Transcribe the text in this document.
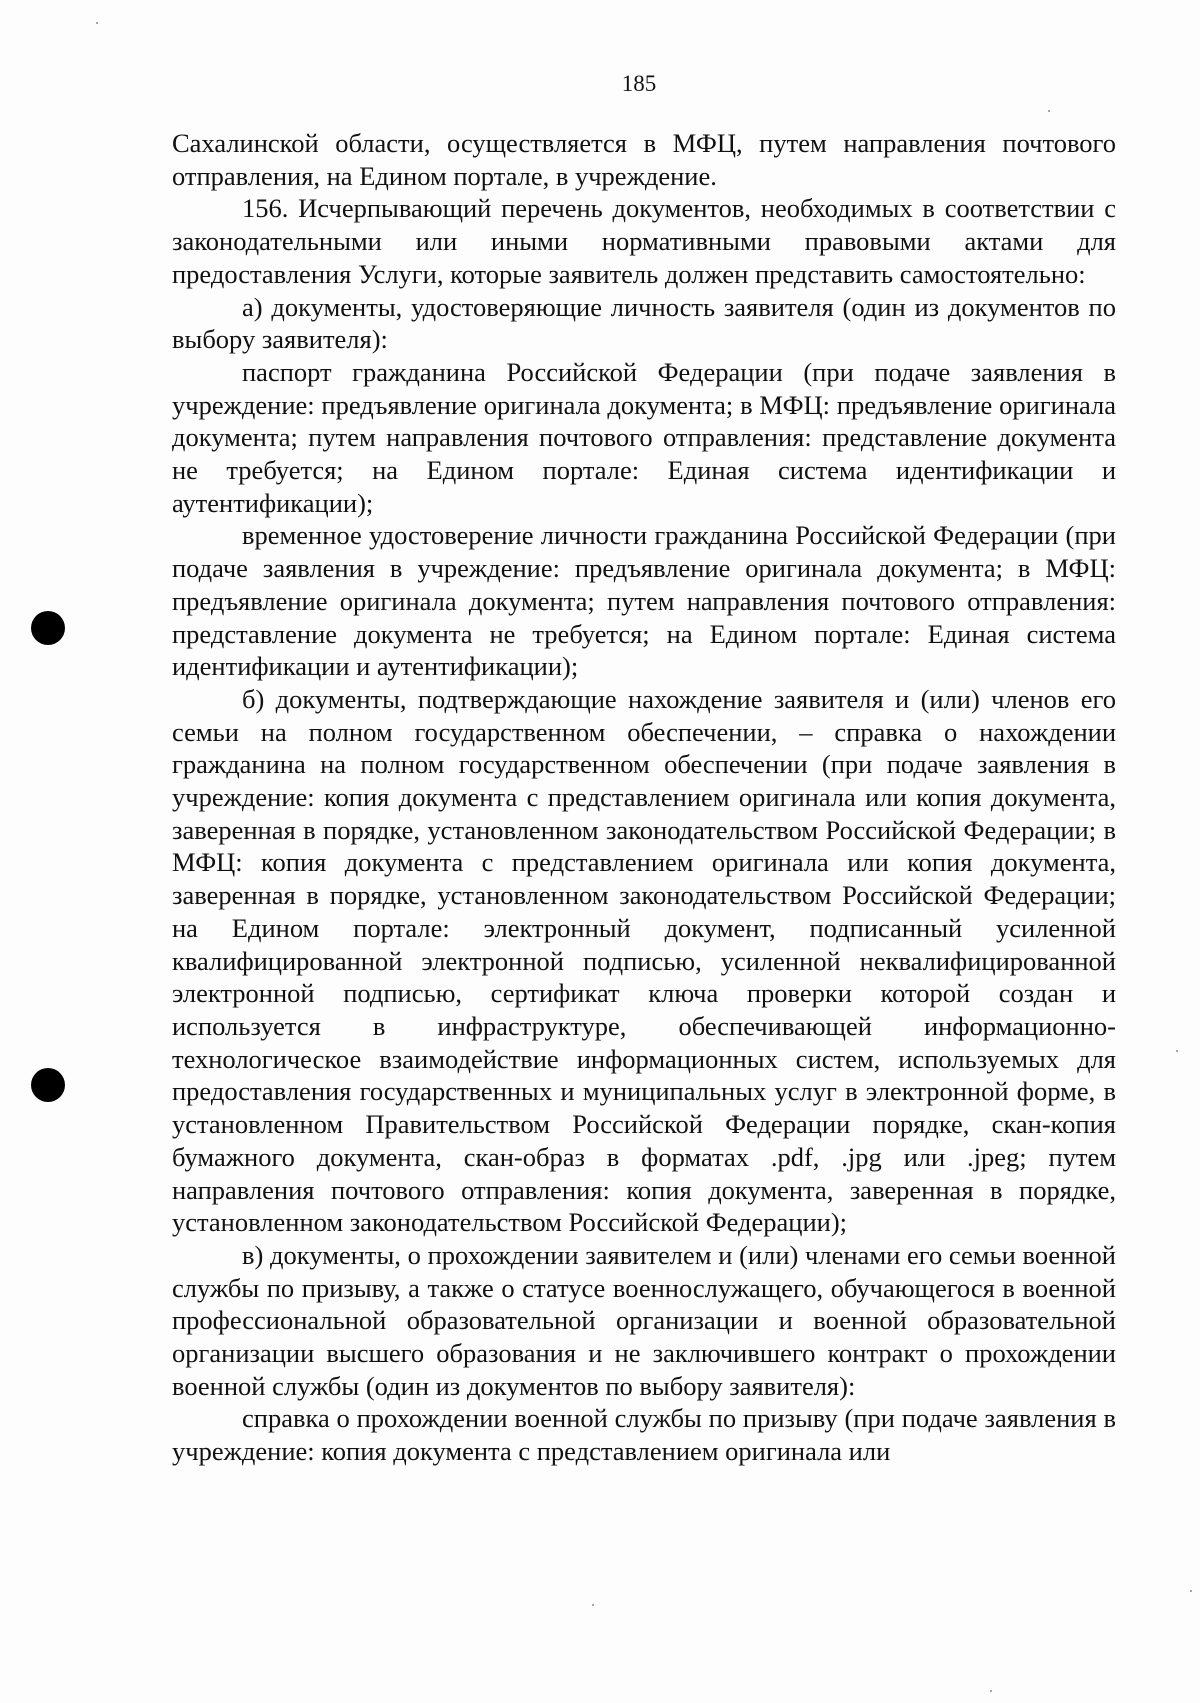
185

Сахалинской области, осуществляется в МФЦ, путем направления почтового отправления, на Едином портале, в учреждение.

156. Исчерпывающий перечень документов, необходимых в соответствии с законодательными или иными нормативными правовыми актами для предоставления Услуги, которые заявитель должен представить самостоятельно:

а) документы, удостоверяющие личность заявителя (один из документов по выбору заявителя):

паспорт гражданина Российской Федерации (при подаче заявления в учреждение: предъявление оригинала документа; в МФЦ: предъявление оригинала документа; путем направления почтового отправления: представление документа не требуется; на Едином портале: Единая система идентификации и аутентификации);

временное удостоверение личности гражданина Российской Федерации (при подаче заявления в учреждение: предъявление оригинала документа; в МФЦ: предъявление оригинала документа; путем направления почтового отправления: представление документа не требуется; на Едином портале: Единая система идентификации и аутентификации);

б) документы, подтверждающие нахождение заявителя и (или) членов его семьи на полном государственном обеспечении, – справка о нахождении гражданина на полном государственном обеспечении (при подаче заявления в учреждение: копия документа с представлением оригинала или копия документа, заверенная в порядке, установленном законодательством Российской Федерации; в МФЦ: копия документа с представлением оригинала или копия документа, заверенная в порядке, установленном законодательством Российской Федерации; на Едином портале: электронный документ, подписанный усиленной квалифицированной электронной подписью, усиленной неквалифицированной электронной подписью, сертификат ключа проверки которой создан и используется в инфраструктуре, обеспечивающей информационно-технологическое взаимодействие информационных систем, используемых для предоставления государственных и муниципальных услуг в электронной форме, в установленном Правительством Российской Федерации порядке, скан-копия бумажного документа, скан-образ в форматах .pdf, .jpg или .jpeg; путем направления почтового отправления: копия документа, заверенная в порядке, установленном законодательством Российской Федерации);

в) документы, о прохождении заявителем и (или) членами его семьи военной службы по призыву, а также о статусе военнослужащего, обучающегося в военной профессиональной образовательной организации и военной образовательной организации высшего образования и не заключившего контракт о прохождении военной службы (один из документов по выбору заявителя):

справка о прохождении военной службы по призыву (при подаче заявления в учреждение: копия документа с представлением оригинала или
